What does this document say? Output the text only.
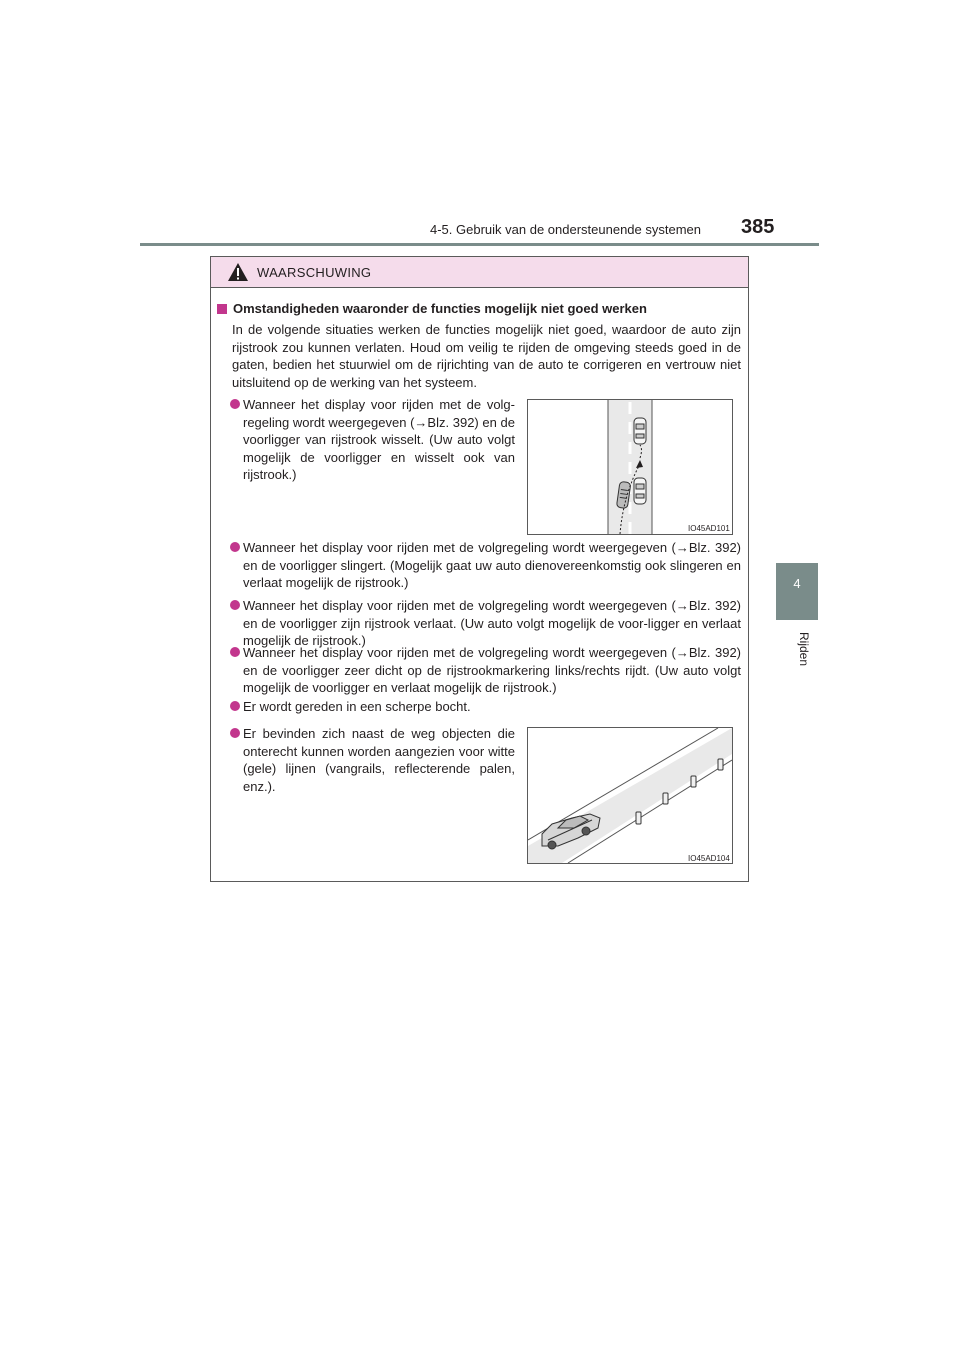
4-5. Gebruik van de ondersteunende systemen 385
4
Rijden
WAARSCHUWING
Omstandigheden waaronder de functies mogelijk niet goed werken
In de volgende situaties werken de functies mogelijk niet goed, waardoor de auto zijn rijstrook zou kunnen verlaten. Houd om veilig te rijden de omgeving steeds goed in de gaten, bedien het stuurwiel om de rijrichting van de auto te corrigeren en vertrouw niet uitsluitend op de werking van het systeem.
Wanneer het display voor rijden met de volg-regeling wordt weergegeven (→Blz. 392) en de voorligger van rijstrook wisselt. (Uw auto volgt mogelijk de voorligger en wisselt ook van rijstrook.)
IO45AD101
Wanneer het display voor rijden met de volgregeling wordt weergegeven (→Blz. 392) en de voorligger slingert. (Mogelijk gaat uw auto dienovereenkomstig ook slingeren en verlaat mogelijk de rijstrook.)
Wanneer het display voor rijden met de volgregeling wordt weergegeven (→Blz. 392) en de voorligger zijn rijstrook verlaat. (Uw auto volgt mogelijk de voor-ligger en verlaat mogelijk de rijstrook.)
Wanneer het display voor rijden met de volgregeling wordt weergegeven (→Blz. 392) en de voorligger zeer dicht op de rijstrookmarkering links/rechts rijdt. (Uw auto volgt mogelijk de voorligger en verlaat mogelijk de rijstrook.)
Er wordt gereden in een scherpe bocht.
Er bevinden zich naast de weg objecten die onterecht kunnen worden aangezien voor witte (gele) lijnen (vangrails, reflecterende palen, enz.).
IO45AD104
